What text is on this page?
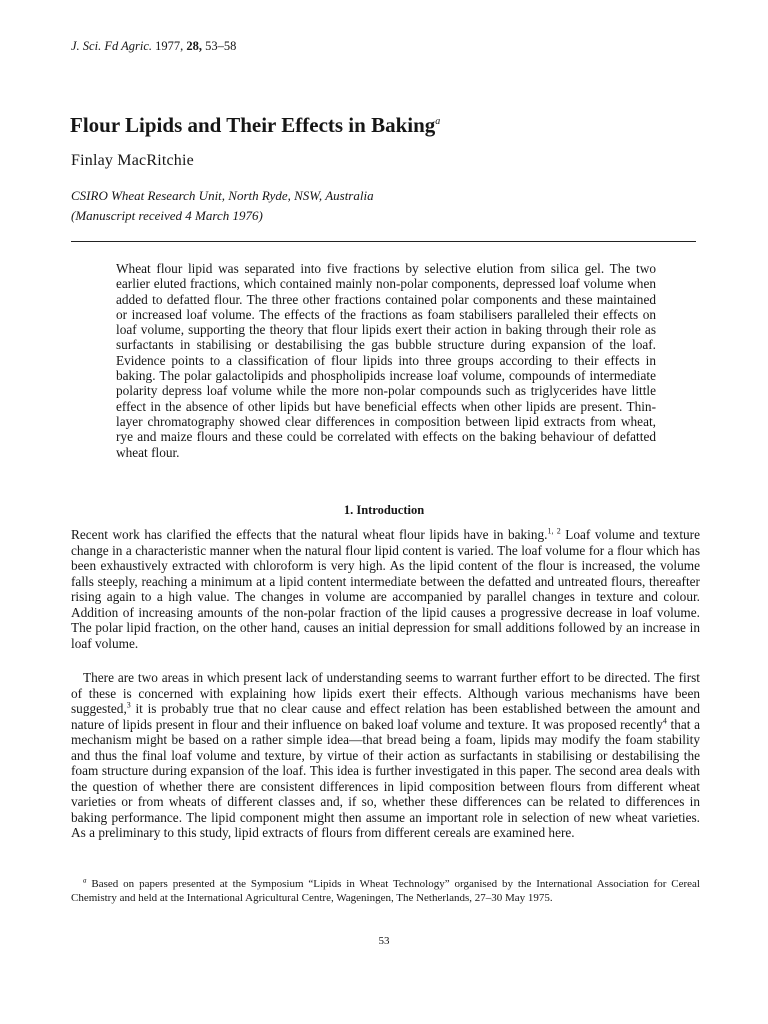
J. Sci. Fd Agric. 1977, 28, 53–58
Flour Lipids and Their Effects in Baking$^a$
Finlay MacRitchie
CSIRO Wheat Research Unit, North Ryde, NSW, Australia
(Manuscript received 4 March 1976)

Wheat flour lipid was separated into five fractions by selective elution from silica gel. The two earlier eluted fractions, which contained mainly non-polar components, depressed loaf volume when added to defatted flour. The three other fractions contained polar components and these maintained or increased loaf volume. The effects of the fractions as foam stabilisers paralleled their effects on loaf volume, supporting the theory that flour lipids exert their action in baking through their role as surfactants in stabilising or destabilising the gas bubble structure during expansion of the loaf. Evidence points to a classification of flour lipids into three groups according to their effects in baking. The polar galactolipids and phospholipids increase loaf volume, compounds of intermediate polarity depress loaf volume while the more non-polar compounds such as triglycerides have little effect in the absence of other lipids but have beneficial effects when other lipids are present. Thin-layer chromatography showed clear differences in composition between lipid extracts from wheat, rye and maize flours and these could be correlated with effects on the baking behaviour of defatted wheat flour.

1. Introduction

Recent work has clarified the effects that the natural wheat flour lipids have in baking.$^{1, 2}$ Loaf volume and texture change in a characteristic manner when the natural flour lipid content is varied. The loaf volume for a flour which has been exhaustively extracted with chloroform is very high. As the lipid content of the flour is increased, the volume falls steeply, reaching a minimum at a lipid content intermediate between the defatted and untreated flours, thereafter rising again to a high value. The changes in volume are accompanied by parallel changes in texture and colour. Addition of increasing amounts of the non-polar fraction of the lipid causes a progressive decrease in loaf volume. The polar lipid fraction, on the other hand, causes an initial depression for small additions followed by an increase in loaf volume.

There are two areas in which present lack of understanding seems to warrant further effort to be directed. The first of these is concerned with explaining how lipids exert their effects. Although various mechanisms have been suggested,$^3$ it is probably true that no clear cause and effect relation has been established between the amount and nature of lipids present in flour and their influence on baked loaf volume and texture. It was proposed recently$^4$ that a mechanism might be based on a rather simple idea—that bread being a foam, lipids may modify the foam stability and thus the final loaf volume and texture, by virtue of their action as surfactants in stabilising or destabilising the foam structure during expansion of the loaf. This idea is further investigated in this paper. The second area deals with the question of whether there are consistent differences in lipid composition between flours from different wheat varieties or from wheats of different classes and, if so, whether these differences can be related to differences in baking performance. The lipid component might then assume an important role in selection of new wheat varieties. As a preliminary to this study, lipid extracts of flours from different cereals are examined here.

$^a$ Based on papers presented at the Symposium “Lipids in Wheat Technology” organised by the International Association for Cereal Chemistry and held at the International Agricultural Centre, Wageningen, The Netherlands, 27–30 May 1975.

53
